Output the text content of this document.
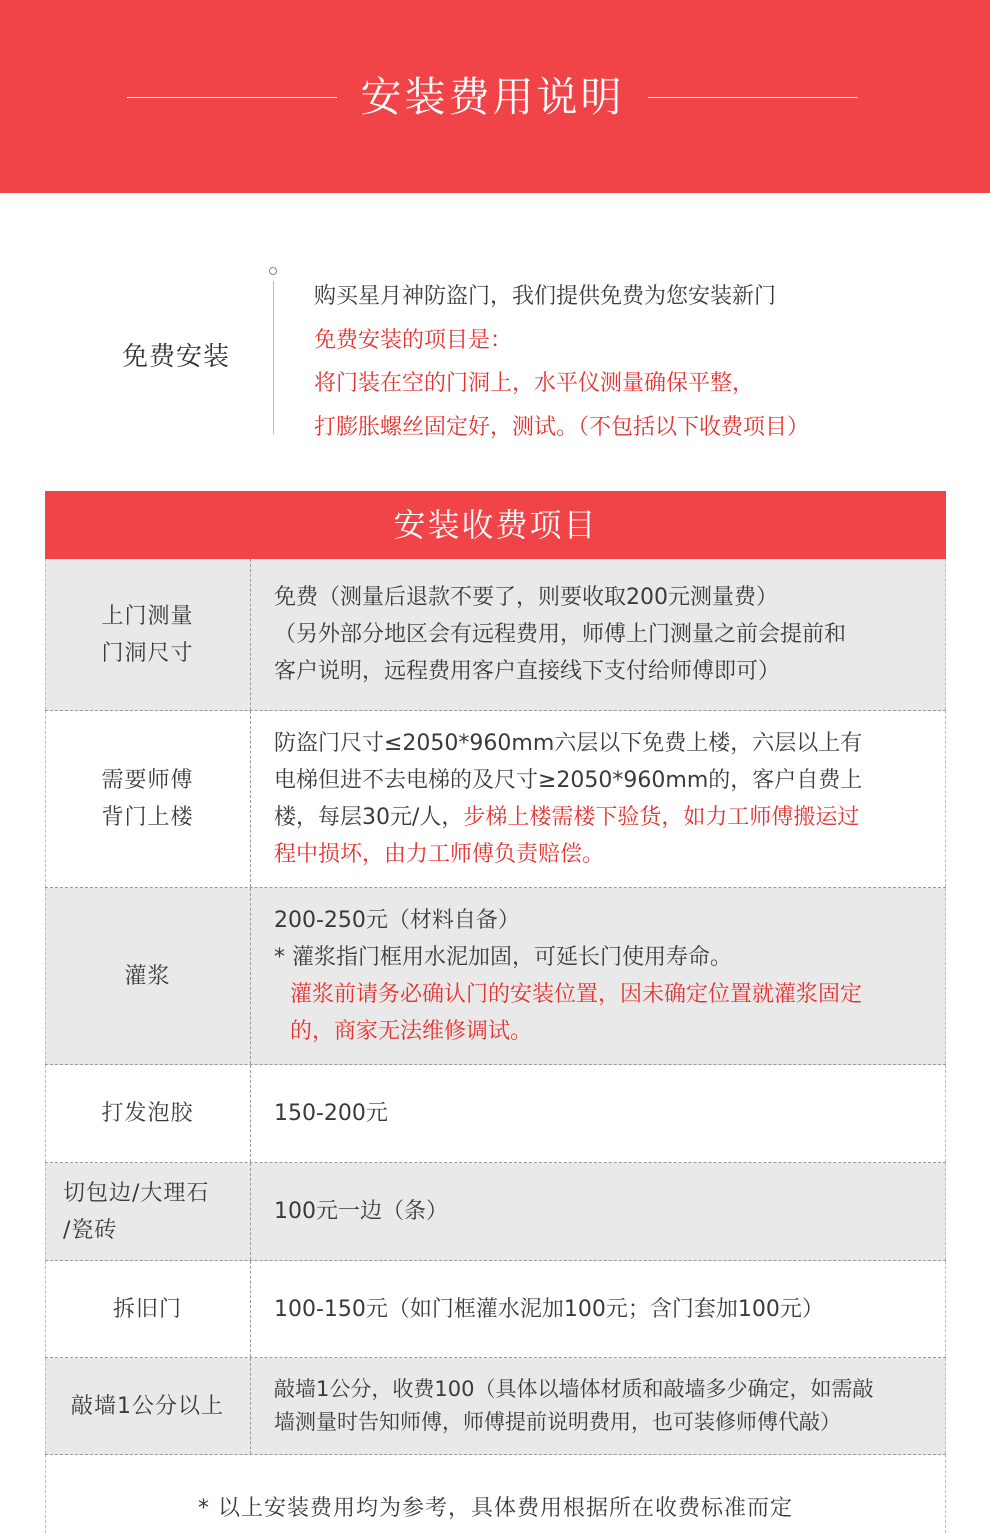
安装费用说明
免费安装
购买星月神防盗门，我们提供免费为您安装新门
免费安装的项目是：
将门装在空的门洞上，水平仪测量确保平整，
打膨胀螺丝固定好，测试。（不包括以下收费项目）
安装收费项目
上门测量
门洞尺寸
免费（测量后退款不要了，则要收取200元测量费）
（另外部分地区会有远程费用，师傅上门测量之前会提前和
客户说明，远程费用客户直接线下支付给师傅即可）
需要师傅
背门上楼
防盗门尺寸≤2050*960mm六层以下免费上楼，六层以上有
电梯但进不去电梯的及尺寸≥2050*960mm的，客户自费上
楼，每层30元/人，步梯上楼需楼下验货，如力工师傅搬运过
程中损坏，由力工师傅负责赔偿。
灌浆
200-250元（材料自备）
* 灌浆指门框用水泥加固，可延长门使用寿命。
灌浆前请务必确认门的安装位置，因未确定位置就灌浆固定
的，商家无法维修调试。
打发泡胶	150-200元
切包边/大理石
/瓷砖
100元一边（条）
拆旧门	100-150元（如门框灌水泥加100元；含门套加100元）
敲墙1公分以上
敲墙1公分，收费100（具体以墙体材质和敲墙多少确定，如需敲
墙测量时告知师傅，师傅提前说明费用，也可装修师傅代敲）
* 以上安装费用均为参考，具体费用根据所在收费标准而定
